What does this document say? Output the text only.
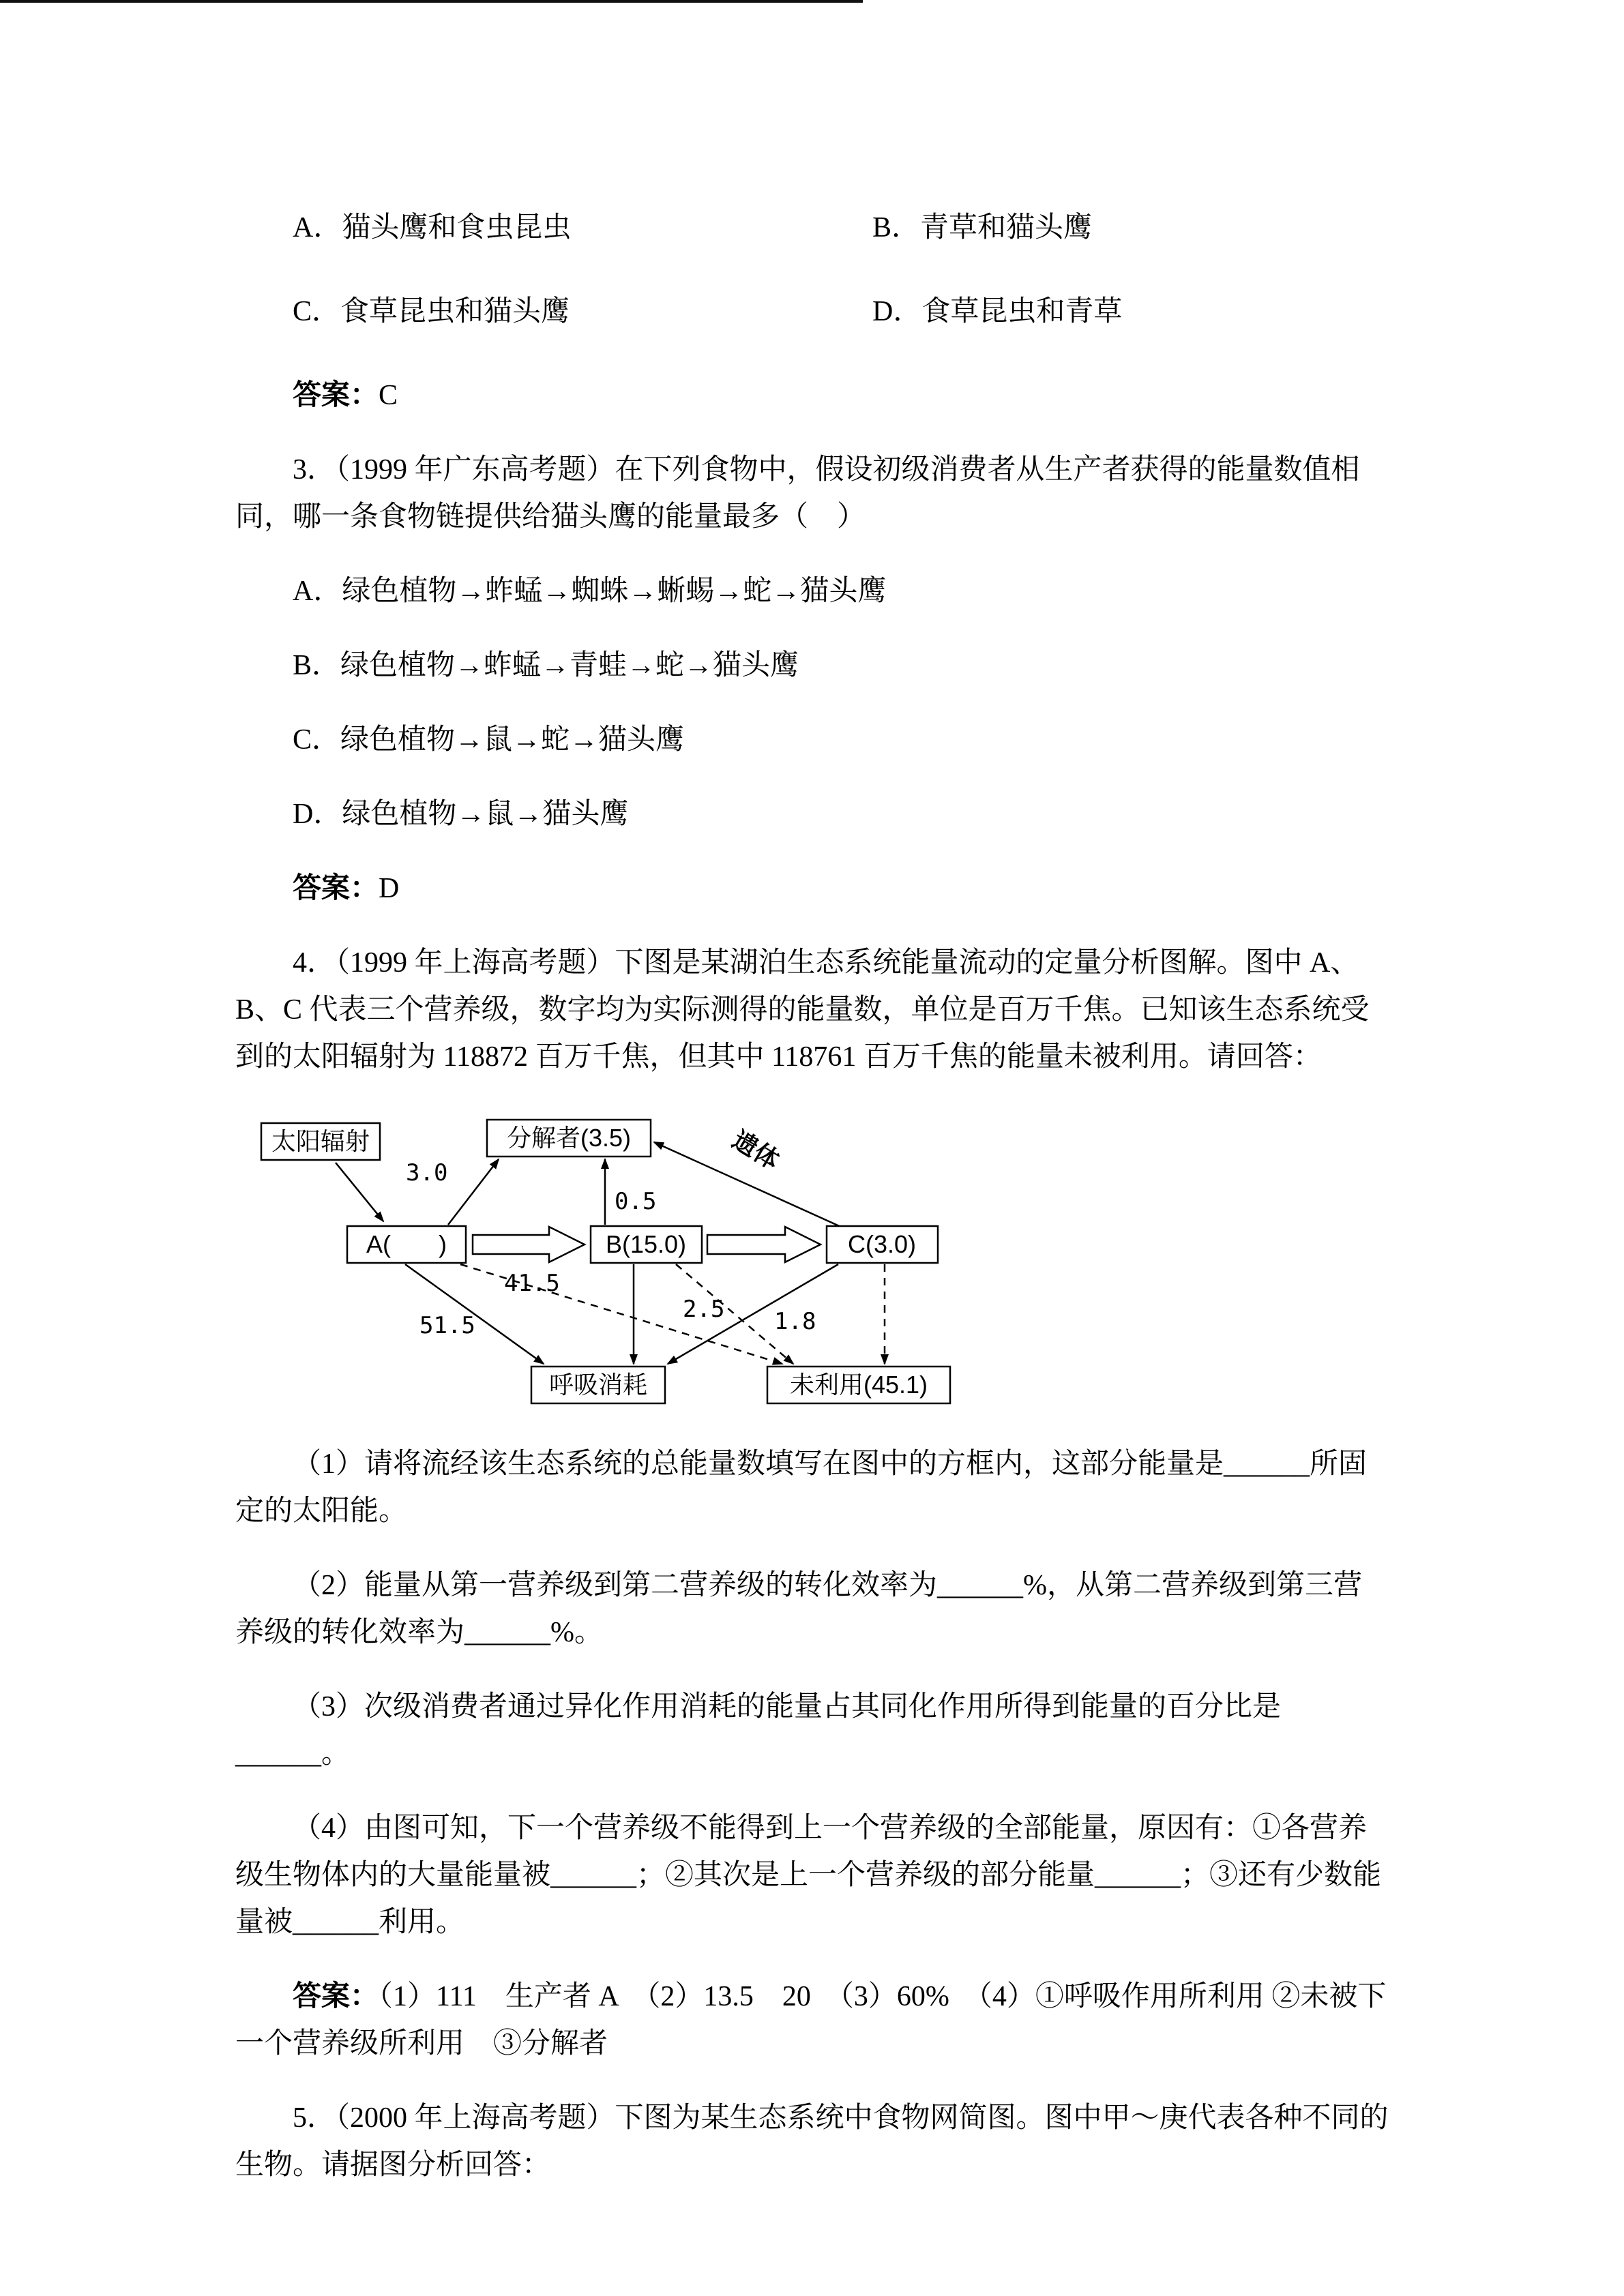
A．猫头鹰和食虫昆虫	B．青草和猫头鹰
C．食草昆虫和猫头鹰	D．食草昆虫和青草

答案：C

3．（1999 年广东高考题）在下列食物中，假设初级消费者从生产者获得的能量数值相同，哪一条食物链提供给猫头鹰的能量最多（　）

A．绿色植物→蚱蜢→蜘蛛→蜥蜴→蛇→猫头鹰

B．绿色植物→蚱蜢→青蛙→蛇→猫头鹰

C．绿色植物→鼠→蛇→猫头鹰

D．绿色植物→鼠→猫头鹰

答案：D

4．（1999 年上海高考题）下图是某湖泊生态系统能量流动的定量分析图解。图中 A、B、C 代表三个营养级，数字均为实际测得的能量数，单位是百万千焦。已知该生态系统受到的太阳辐射为 118872 百万千焦，但其中 118761 百万千焦的能量未被利用。请回答：

太阳辐射	分解者(3.5)
A(       )	B(15.0)	C(3.0)
呼吸消耗	未利用(45.1)
3.0
0.5
41.5
51.5
2.5 1.8
遗体

（1）请将流经该生态系统的总能量数填写在图中的方框内，这部分能量是______所固定的太阳能。

（2）能量从第一营养级到第二营养级的转化效率为______%，从第二营养级到第三营养级的转化效率为______%。

（3）次级消费者通过异化作用消耗的能量占其同化作用所得到能量的百分比是______。

（4）由图可知，下一个营养级不能得到上一个营养级的全部能量，原因有：①各营养级生物体内的大量能量被______；②其次是上一个营养级的部分能量______；③还有少数能量被______利用。

答案：（1）111　生产者 A　（2）13.5　20　（3）60%　（4）①呼吸作用所利用 ②未被下一个营养级所利用　③分解者

5．（2000 年上海高考题）下图为某生态系统中食物网简图。图中甲～庚代表各种不同的生物。请据图分析回答：
